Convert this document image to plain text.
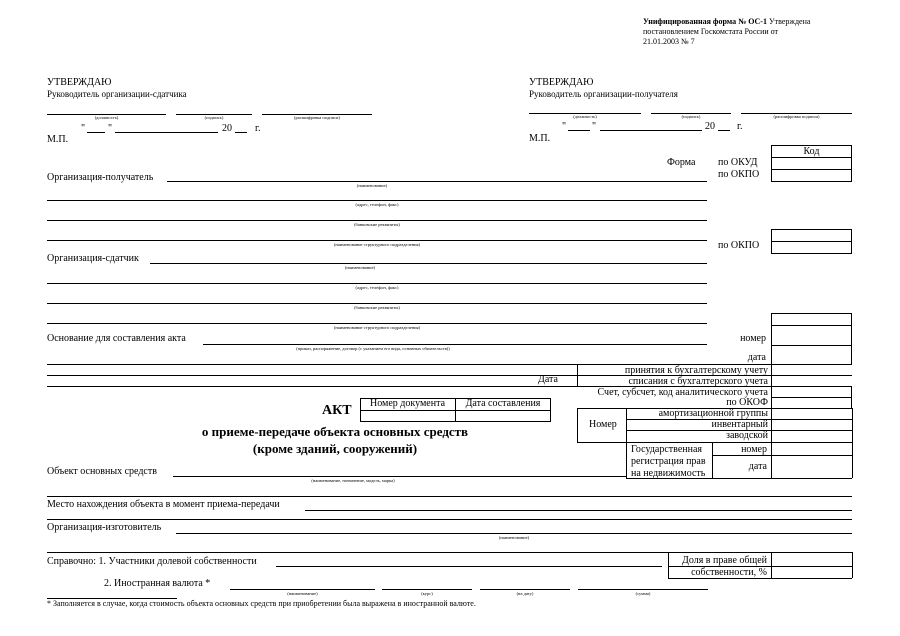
Унифицированная форма № ОС-1 Утверждена
постановлением Госкомстата России от
21.01.2003 № 7
УТВЕРЖДАЮ
Руководитель организации-сдатчика
(должность)	(подпись)	(расшифровка подписи)
" "	20 г.
М.П.
УТВЕРЖДАЮ
Руководитель организации-получателя
(должность)	(подпись)	(расшифровка подписи)
"	"	20 г.
М.П.
Код
Форма по ОКУД
по ОКПО
по ОКПО
Организация-получатель
(наименование)
(адрес, телефон, факс)
(банковские реквизиты)
(наименование структурного подразделения)
Организация-сдатчик
(наименование)
(адрес, телефон, факс)
(банковские реквизиты)
(наименование структурного подразделения)
номер
дата
Основание для составления акта
(приказ, распоряжение, договор (с указанием его вида, основных обязательств))
Дата
принятия к бухгалтерскому учету
списания с бухгалтерского учета
Счет, субсчет, код аналитического учета
по ОКОФ
Номер
амортизационной группы
инвентарный
заводской
Государственная
регистрация прав
на недвижимость
номер
дата
АКТ	Номер документа	Дата составления
о приеме-передаче объекта основных средств
(кроме зданий, сооружений)
Объект основных средств
(наименование, назначение, модель, марка)
Место нахождения объекта в момент приема-передачи
Организация-изготовитель
(наименование)
Справочно: 1. Участники долевой собственности	Доля в праве общей
собственности, %
2. Иностранная валюта *
(наименование)	(курс)	(на дату)	(сумма)
* Заполняется в случае, когда стоимость объекта основных средств при приобретении была выражена в иностранной валюте.
